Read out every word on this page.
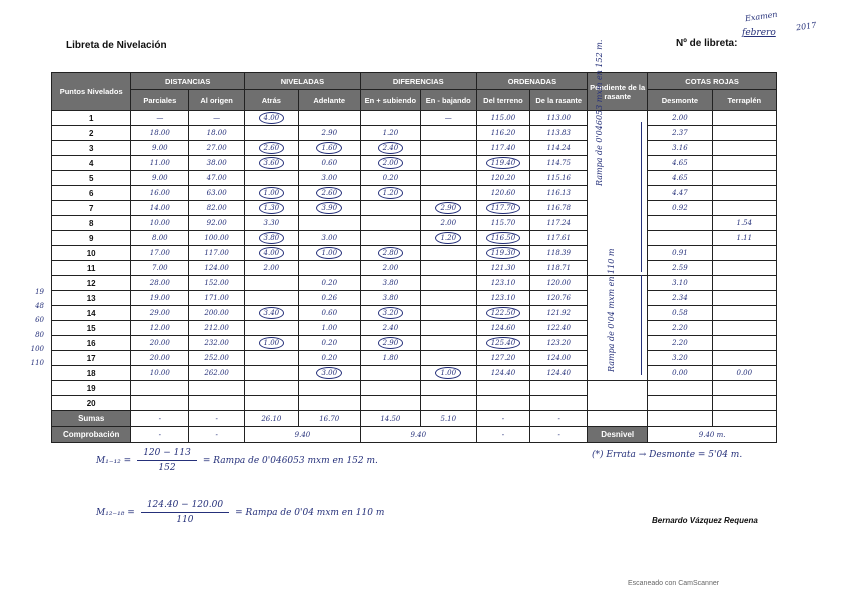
Libreta de Nivelación
Examen
2017
Nº de libreta:
febrero
Puntos Nivelados	DISTANCIAS		NIVELADAS		DIFERENCIAS		ORDENADAS		Pendiente de la rasante	COTAS ROJAS	
	Parciales	Al origen	Atrás	Adelante	En + subiendo	En - bajando	Del terreno	De la rasante		Desmonte	Terraplén
1	—	—	4.00			—	115.00	113.00		2.00	
2	18.00	18.00		2.90	1.20		116.20	113.83		2.37	
3	9.00	27.00	2.60	1.60	2.40		117.40	114.24		3.16	
4	11.00	38.00	3.60	0.60	2.00		119.40	114.75		4.65	
5	9.00	47.00		3.00	0.20		120.20	115.16		4.65	
6	16.00	63.00	1.00	2.60	1.20		120.60	116.13		4.47	
7	14.00	82.00	1.30	3.90		2.90	117.70	116.78		0.92	
8	10.00	92.00	3.30			2.00	115.70	117.24			1.54
9	8.00	100.00	3.80	3.00		1.20	116.50	117.61			1.11
10	17.00	117.00	4.00	1.00	2.80		119.30	118.39		0.91	
11	7.00	124.00	2.00		2.00		121.30	118.71		2.59	
12	28.00	152.00		0.20	3.80		123.10	120.00		3.10	
13	19.00	171.00		0.26	3.80		123.10	120.76		2.34	
14	29.00	200.00	3.40	0.60	3.20		122.50	121.92		0.58	
15	12.00	212.00		1.00	2.40		124.60	122.40		2.20	
16	20.00	232.00	1.00	0.20	2.90		125.40	123.20		2.20	
17	20.00	252.00		0.20	1.80		127.20	124.00		3.20	
18	10.00	262.00		3.00		1.00	124.40	124.40		0.00	0.00
19											
20											
Sumas	-	-	26.10	16.70	14.50	5.10	-	-			
Comprobación	-	-	9.40		9.40		-	-	Desnivel	9.40 m.	
Rampa de 0'046053 mxm en 152 m.
Rampa de 0'04 mxm en 110 m
19
48
60
80
100
110
$M_{1-12} = \frac{120 - 113}{152}$ = Rampa de 0'046053 mxm en 152 m.
(*) Errata → Desmonte = 5'04 m.
$M_{12-18} = \frac{124.40 - 120.00}{110}$ = Rampa de 0'04 mxm en 110 m
Bernardo Vázquez Requena
Escaneado con CamScanner
